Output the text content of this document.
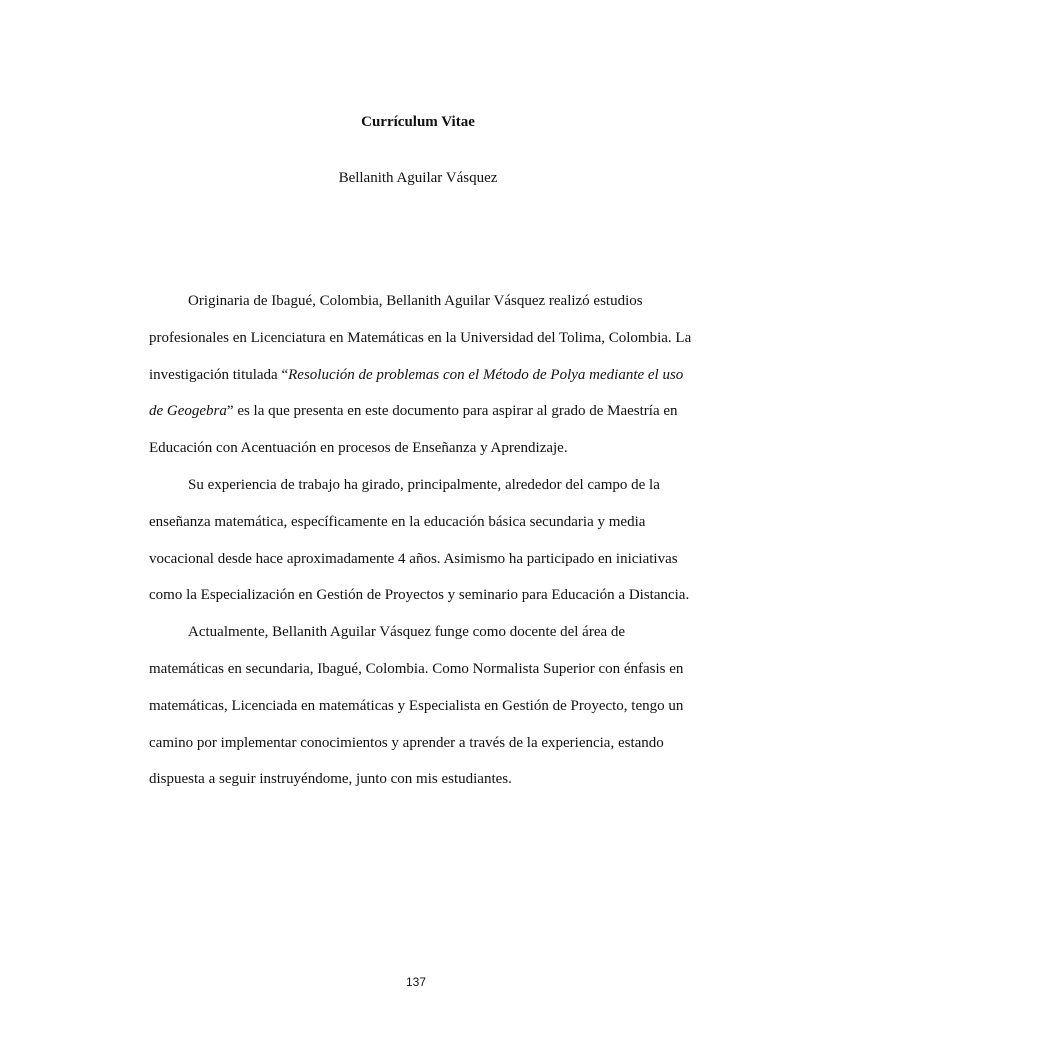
Currículum Vitae
Bellanith Aguilar Vásquez

Originaria de Ibagué, Colombia, Bellanith Aguilar Vásquez realizó estudios profesionales en Licenciatura en Matemáticas en la Universidad del Tolima, Colombia. La investigación titulada “Resolución de problemas con el Método de Polya mediante el uso de Geogebra” es la que presenta en este documento para aspirar al grado de Maestría en Educación con Acentuación en procesos de Enseñanza y Aprendizaje.

Su experiencia de trabajo ha girado, principalmente, alrededor del campo de la enseñanza matemática, específicamente en la educación básica secundaria y media vocacional desde hace aproximadamente 4 años. Asimismo ha participado en iniciativas como la Especialización en Gestión de Proyectos y seminario para Educación a Distancia.

Actualmente, Bellanith Aguilar Vásquez funge como docente del área de matemáticas en secundaria, Ibagué, Colombia. Como Normalista Superior con énfasis en matemáticas, Licenciada en matemáticas y Especialista en Gestión de Proyecto, tengo un camino por implementar conocimientos y aprender a través de la experiencia, estando dispuesta a seguir instruyéndome, junto con mis estudiantes.

137
